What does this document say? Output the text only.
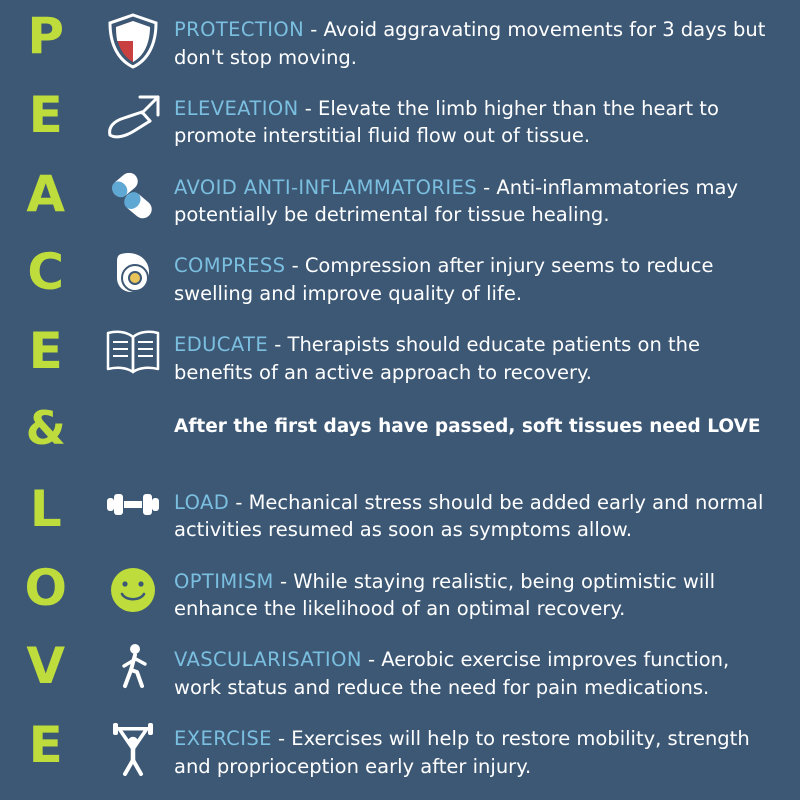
P	PROTECTION - Avoid aggravating movements for 3 days but don't stop moving.

E	ELEVEATION - Elevate the limb higher than the heart to promote interstitial fluid flow out of tissue.

A	AVOID ANTI-INFLAMMATORIES - Anti-inflammatories may potentially be detrimental for tissue healing.

C	COMPRESS - Compression after injury seems to reduce swelling and improve quality of life.

E	EDUCATE - Therapists should educate patients on the benefits of an active approach to recovery.

&	After the first days have passed, soft tissues need LOVE

L	LOAD - Mechanical stress should be added early and normal activities resumed as soon as symptoms allow.

O	OPTIMISM - While staying realistic, being optimistic will enhance the likelihood of an optimal recovery.

V	VASCULARISATION - Aerobic exercise improves function, work status and reduce the need for pain medications.

E	EXERCISE - Exercises will help to restore mobility, strength and proprioception early after injury.
